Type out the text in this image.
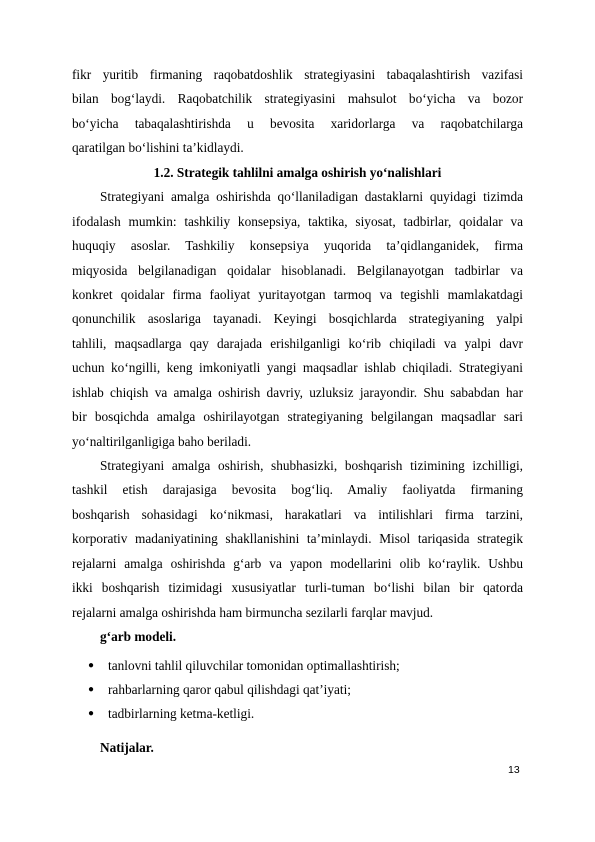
fikr yuritib firmaning raqobatdoshlik strategiyasini tabaqalashtirish vazifasi
bilan bog‘laydi. Raqobatchilik strategiyasini mahsulot bo‘yicha va bozor
bo‘yicha tabaqalashtirishda u bevosita xaridorlarga va raqobatchilarga
qaratilgan bo‘lishini ta’kidlaydi.
1.2. Strategik tahlilni amalga oshirish yo‘nalishlari
Strategiyani amalga oshirishda qo‘llaniladigan dastaklarni quyidagi tizimda
ifodalash mumkin: tashkiliy konsepsiya, taktika, siyosat, tadbirlar, qoidalar va
huquqiy asoslar. Tashkiliy konsepsiya yuqorida ta’qidlanganidek, firma
miqyosida belgilanadigan qoidalar hisoblanadi. Belgilanayotgan tadbirlar va
konkret qoidalar firma faoliyat yuritayotgan tarmoq va tegishli mamlakatdagi
qonunchilik asoslariga tayanadi. Keyingi bosqichlarda strategiyaning yalpi
tahlili, maqsadlarga qay darajada erishilganligi ko‘rib chiqiladi va yalpi davr
uchun ko‘ngilli, keng imkoniyatli yangi maqsadlar ishlab chiqiladi. Strategiyani
ishlab chiqish va amalga oshirish davriy, uzluksiz jarayondir. Shu sababdan har
bir bosqichda amalga oshirilayotgan strategiyaning belgilangan maqsadlar sari
yo‘naltirilganligiga baho beriladi.
Strategiyani amalga oshirish, shubhasizki, boshqarish tizimining izchilligi,
tashkil etish darajasiga bevosita bog‘liq. Amaliy faoliyatda firmaning
boshqarish sohasidagi ko‘nikmasi, harakatlari va intilishlari firma tarzini,
korporativ madaniyatining shakllanishini ta’minlaydi. Misol tariqasida strategik
rejalarni amalga oshirishda g‘arb va yapon modellarini olib ko‘raylik. Ushbu
ikki boshqarish tizimidagi xususiyatlar turli-tuman bo‘lishi bilan bir qatorda
rejalarni amalga oshirishda ham birmuncha sezilarli farqlar mavjud.
g‘arb modeli.
● tanlovni tahlil qiluvchilar tomonidan optimallashtirish;
● rahbarlarning qaror qabul qilishdagi qat’iyati;
● tadbirlarning ketma-ketligi.
Natijalar.
13
